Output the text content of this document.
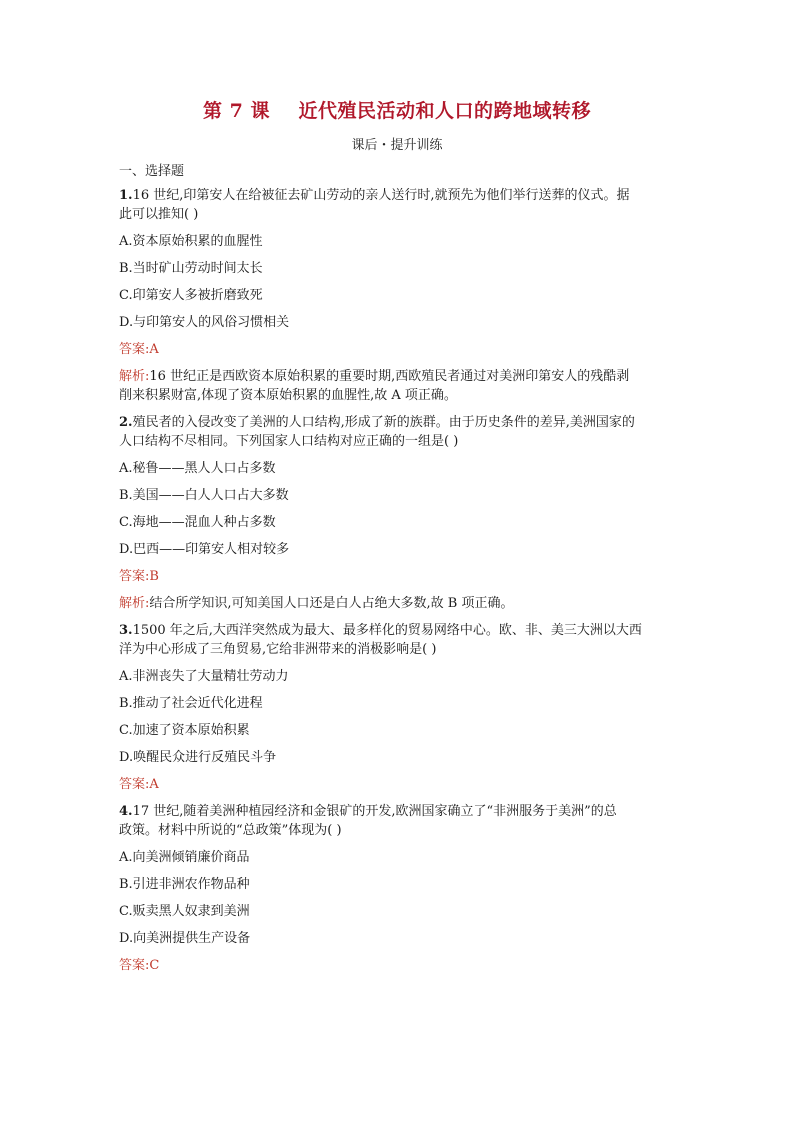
第 7 课    近代殖民活动和人口的跨地域转移
课后・提升训练
一、选择题
1.16 世纪,印第安人在给被征去矿山劳动的亲人送行时,就预先为他们举行送葬的仪式。据
此可以推知( )
A.资本原始积累的血腥性
B.当时矿山劳动时间太长
C.印第安人多被折磨致死
D.与印第安人的风俗习惯相关
答案:A
解析:16 世纪正是西欧资本原始积累的重要时期,西欧殖民者通过对美洲印第安人的残酷剥
削来积累财富,体现了资本原始积累的血腥性,故 A 项正确。
2.殖民者的入侵改变了美洲的人口结构,形成了新的族群。由于历史条件的差异,美洲国家的
人口结构不尽相同。下列国家人口结构对应正确的一组是( )
A.秘鲁——黑人人口占多数
B.美国——白人人口占大多数
C.海地——混血人种占多数
D.巴西——印第安人相对较多
答案:B
解析:结合所学知识,可知美国人口还是白人占绝大多数,故 B 项正确。
3.1500 年之后,大西洋突然成为最大、最多样化的贸易网络中心。欧、非、美三大洲以大西
洋为中心形成了三角贸易,它给非洲带来的消极影响是( )
A.非洲丧失了大量精壮劳动力
B.推动了社会近代化进程
C.加速了资本原始积累
D.唤醒民众进行反殖民斗争
答案:A
4.17 世纪,随着美洲种植园经济和金银矿的开发,欧洲国家确立了“非洲服务于美洲”的总
政策。材料中所说的“总政策”体现为( )
A.向美洲倾销廉价商品
B.引进非洲农作物品种
C.贩卖黑人奴隶到美洲
D.向美洲提供生产设备
答案:C
